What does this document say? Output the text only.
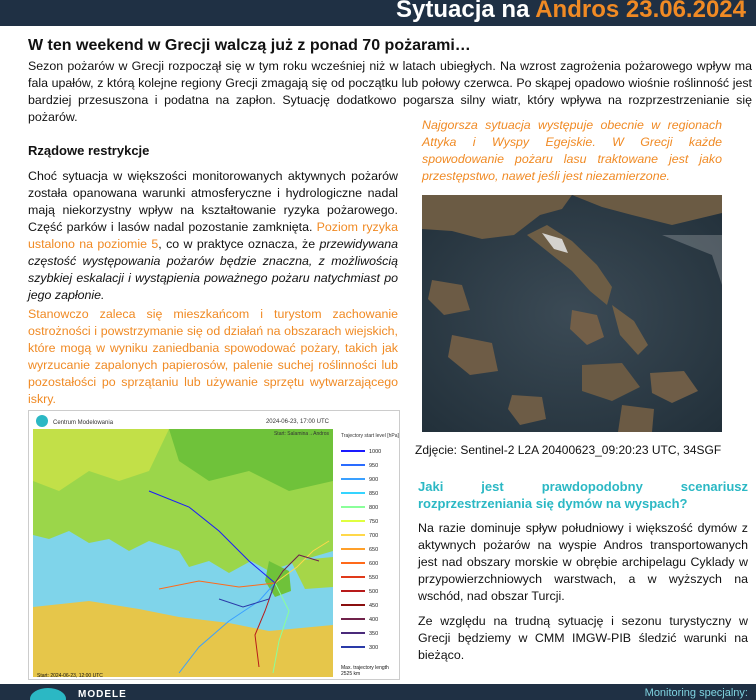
Sytuacja na Andros 23.06.2024
W ten weekend w Grecji walczą już z ponad 70 pożarami…
Sezon pożarów w Grecji rozpoczął się w tym roku wcześniej niż w latach ubiegłych. Na wzrost zagrożenia pożarowego wpływ ma fala upałów, z którą kolejne regiony Grecji zmagają się od początku lub połowy czerwca. Po skąpej opadowo wiośnie roślinność jest bardziej przesuszona i podatna na zapłon. Sytuację dodatkowo pogarsza silny wiatr, który wpływa na rozprzestrzenianie się pożarów.
Rządowe restrykcje
Choć sytuacja w większości monitorowanych aktywnych pożarów została opanowana warunki atmosferyczne i hydrologiczne nadal mają niekorzystny wpływ na kształtowanie ryzyka pożarowego. Część parków i lasów nadal pozostanie zamknięta. Poziom ryzyka ustalono na poziomie 5, co w praktyce oznacza, że przewidywana częstość występowania pożarów będzie znaczna, z możliwością szybkiej eskalacji i wystąpienia poważnego pożaru natychmiast po jego zapłonie.
Stanowczo zaleca się mieszkańcom i turystom zachowanie ostrożności i powstrzymanie się od działań na obszarach wiejskich, które mogą w wyniku zaniedbania spowodować pożary, takich jak wyrzucanie zapalonych papierosów, palenie suchej roślinności lub pozostałości po sprzątaniu lub używanie sprzętu wytwarzającego iskry.
Najgorsza sytuacja występuje obecnie w regionach Attyka i Wyspy Egejskie. W Grecji każde spowodowanie pożaru lasu traktowane jest jako przestępstwo, nawet jeśli jest niezamierzone.
Zdjęcie: Sentinel-2 L2A 20400623_09:20:23 UTC, 34SGF
Jaki jest prawdopodobny scenariusz rozprzestrzeniania się dymów na wyspach?

Na razie dominuje spływ południowy i większość dymów z aktywnych pożarów na wyspie Andros transportowanych jest nad obszary morskie w obrębie archipelagu Cyklady w przypowierzchniowych warstwach, a w wyższych na wschód, nad obszar Turcji.

Ze względu na trudną sytuację i sezonu turystyczny w Grecji będziemy w CMM IMGW-PIB śledzić warunki na bieżąco.

Centrum Modelowania	2024-06-23, 17:00 UTC
Start: Salamina→Andros Trajectory start level [hPa]
1000
950
900
850
800
750
700
650
600
550
500
450
400
350
300
Start: 2024-06-23, 12:00 UTC
Max. trajectory length 2525 km
MODELE	Monitoring specjalny:
